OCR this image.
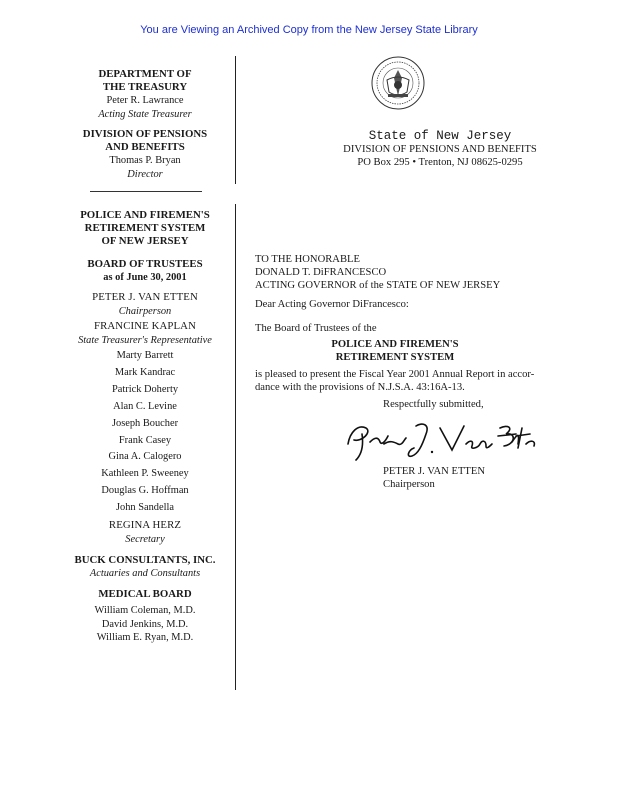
You are Viewing an Archived Copy from the New Jersey State Library
DEPARTMENT OF
THE TREASURY
Peter R. Lawrance
Acting State Treasurer
DIVISION OF PENSIONS
AND BENEFITS
Thomas P. Bryan
Director
POLICE AND FIREMEN'S
RETIREMENT SYSTEM
OF NEW JERSEY
BOARD OF TRUSTEES
as of June 30, 2001
PETER J. VAN ETTEN
Chairperson
FRANCINE KAPLAN
State Treasurer's Representative
Marty Barrett
Mark Kandrac
Patrick Doherty
Alan C. Levine
Joseph Boucher
Frank Casey
Gina A. Calogero
Kathleen P. Sweeney
Douglas G. Hoffman
John Sandella
REGINA HERZ
Secretary
BUCK CONSULTANTS, INC.
Actuaries and Consultants
MEDICAL BOARD
William Coleman, M.D.
David Jenkins, M.D.
William E. Ryan, M.D.
State of New Jersey
DIVISION OF PENSIONS AND BENEFITS
PO Box 295 • Trenton, NJ 08625-0295
TO THE HONORABLE
DONALD T. DiFRANCESCO
ACTING GOVERNOR of the STATE OF NEW JERSEY
Dear Acting Governor DiFrancesco:
The Board of Trustees of the
POLICE AND FIREMEN'S
RETIREMENT SYSTEM
is pleased to present the Fiscal Year 2001 Annual Report in accor-
dance with the provisions of N.J.S.A. 43:16A-13.
Respectfully submitted,
PETER J. VAN ETTEN
Chairperson
